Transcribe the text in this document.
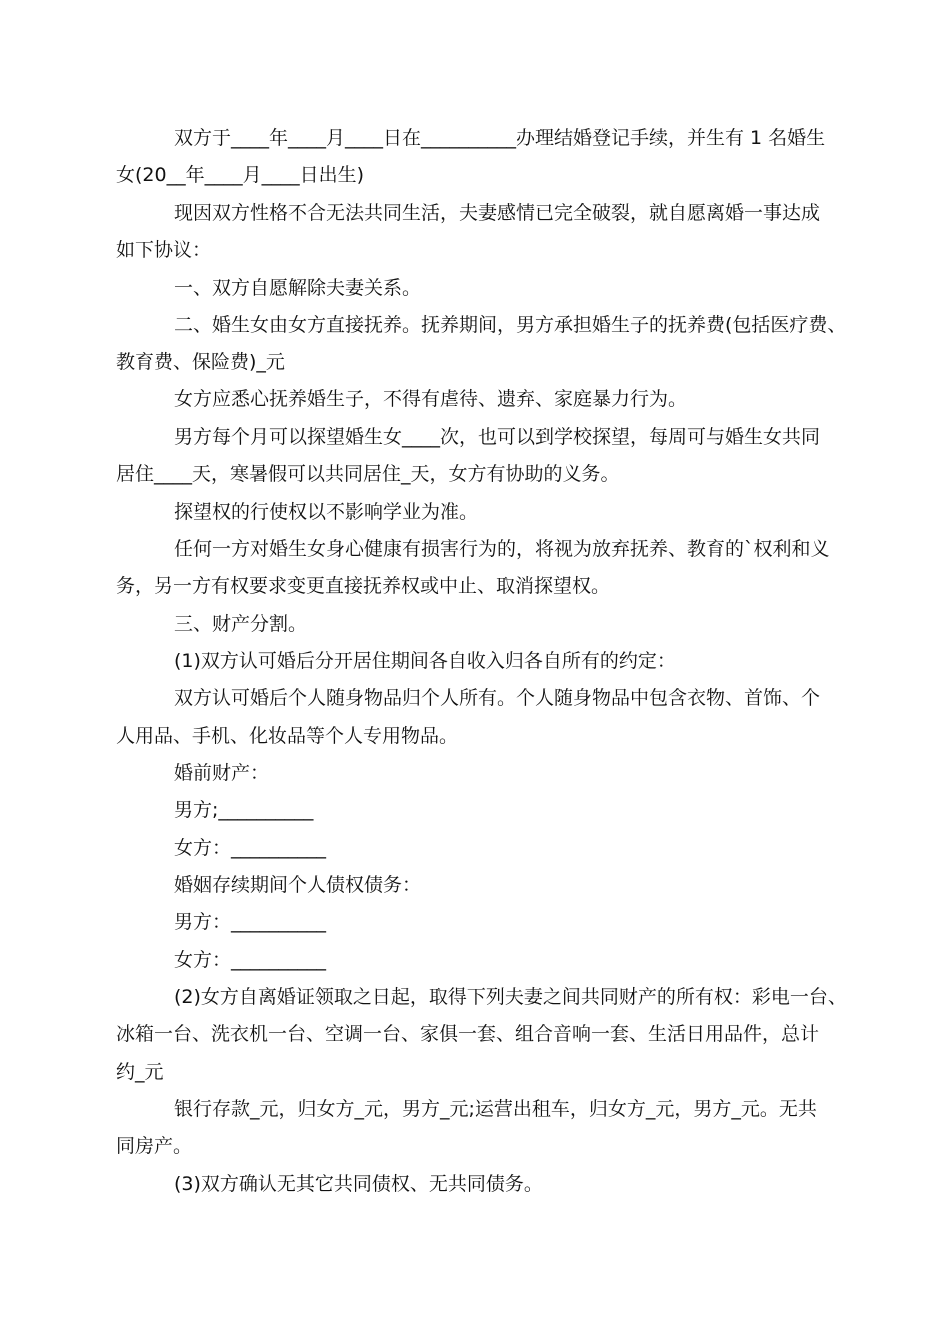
双方于____年____月____日在__________办理结婚登记手续，并生有 1 名婚生
女(20__年____月____日出生)
现因双方性格不合无法共同生活，夫妻感情已完全破裂，就自愿离婚一事达成
如下协议：
一、双方自愿解除夫妻关系。
二、婚生女由女方直接抚养。抚养期间，男方承担婚生子的抚养费(包括医疗费、
教育费、保险费)_元
女方应悉心抚养婚生子，不得有虐待、遗弃、家庭暴力行为。
男方每个月可以探望婚生女____次，也可以到学校探望，每周可与婚生女共同
居住____天，寒暑假可以共同居住_天，女方有协助的义务。
探望权的行使权以不影响学业为准。
任何一方对婚生女身心健康有损害行为的，将视为放弃抚养、教育的`权利和义
务，另一方有权要求变更直接抚养权或中止、取消探望权。
三、财产分割。
(1)双方认可婚后分开居住期间各自收入归各自所有的约定：
双方认可婚后个人随身物品归个人所有。个人随身物品中包含衣物、首饰、个
人用品、手机、化妆品等个人专用物品。
婚前财产：
男方;__________
女方：__________
婚姻存续期间个人债权债务：
男方：__________
女方：__________
(2)女方自离婚证领取之日起，取得下列夫妻之间共同财产的所有权：彩电一台、
冰箱一台、洗衣机一台、空调一台、家俱一套、组合音响一套、生活日用品件，总计
约_元
银行存款_元，归女方_元，男方_元;运营出租车，归女方_元，男方_元。无共
同房产。
(3)双方确认无其它共同债权、无共同债务。
